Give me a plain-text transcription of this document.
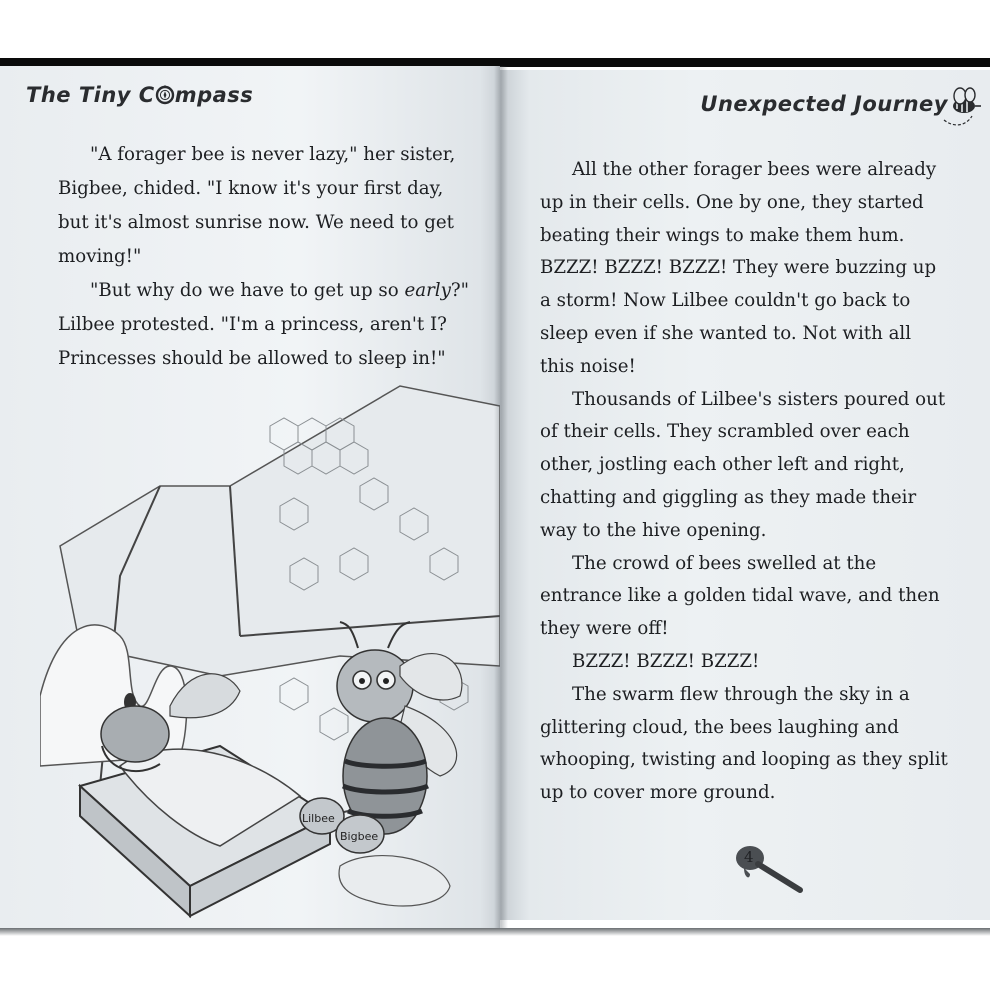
The Tiny C mpass

"A forager bee is never lazy," her sister, Bigbee, chided. "I know it's your first day, but it's almost sunrise now. We need to get moving!"

"But why do we have to get up so early?" Lilbee protested. "I'm a princess, aren't I? Princesses should be allowed to sleep in!"

Lilbee
Bigbee
Unexpected Journey

All the other forager bees were already up in their cells. One by one, they started beating their wings to make them hum. BZZZ! BZZZ! BZZZ! They were buzzing up a storm! Now Lilbee couldn't go back to sleep even if she wanted to. Not with all this noise!

Thousands of Lilbee's sisters poured out of their cells. They scrambled over each other, jostling each other left and right, chatting and giggling as they made their way to the hive opening.

The crowd of bees swelled at the entrance like a golden tidal wave, and then they were off!

BZZZ! BZZZ! BZZZ!

The swarm flew through the sky in a glittering cloud, the bees laughing and whooping, twisting and looping as they split up to cover more ground.

4
